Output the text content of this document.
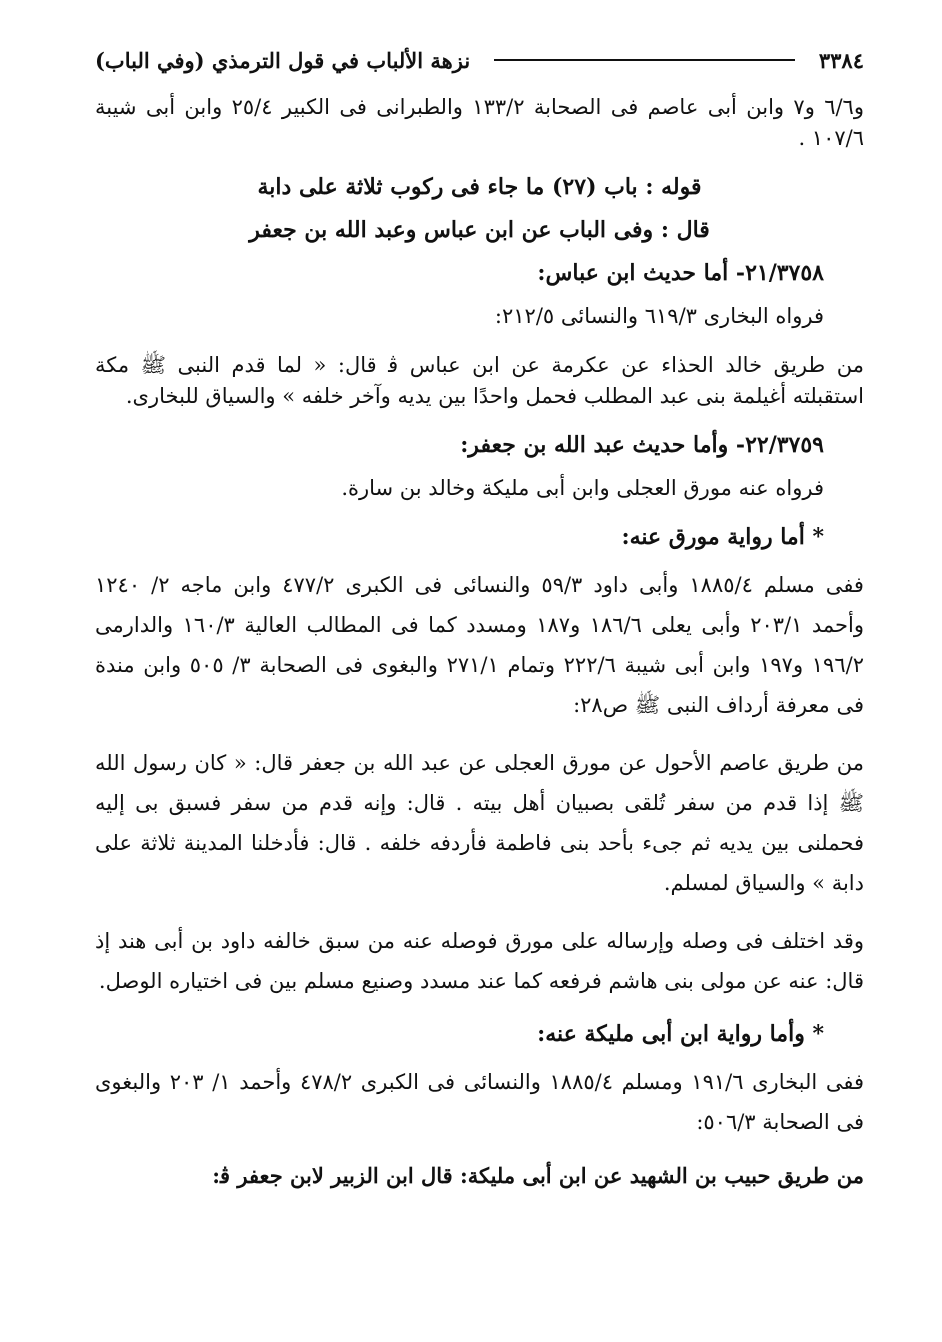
٣٣٨٤
نزهة الألباب في قول الترمذي (وفي الباب)

و٦/٦ و٧ وابن أبى عاصم فى الصحابة ١٣٣/٢ والطبرانى فى الكبير ٢٥/٤ وابن أبى شيبة ١٠٧/٦ .

قوله : باب (٢٧) ما جاء فى ركوب ثلاثة على دابة

قال : وفى الباب عن ابن عباس وعبد الله بن جعفر

٢١/٣٧٥٨- أما حديث ابن عباس:

فرواه البخارى ٦١٩/٣ والنسائى ٢١٢/٥:

من طريق خالد الحذاء عن عكرمة عن ابن عباس ﭬ قال: « لما قدم النبى ﷺ مكة استقبلته أغيلمة بنى عبد المطلب فحمل واحدًا بين يديه وآخر خلفه » والسياق للبخارى.

٢٢/٣٧٥٩- وأما حديث عبد الله بن جعفر:

فرواه عنه مورق العجلى وابن أبى مليكة وخالد بن سارة.

* أما رواية مورق عنه:

ففى مسلم ١٨٨٥/٤ وأبى داود ٥٩/٣ والنسائى فى الكبرى ٤٧٧/٢ وابن ماجه ٢/ ١٢٤٠ وأحمد ٢٠٣/١ وأبى يعلى ١٨٦/٦ و١٨٧ ومسدد كما فى المطالب العالية ١٦٠/٣ والدارمى ١٩٦/٢ و١٩٧ وابن أبى شيبة ٢٢٢/٦ وتمام ٢٧١/١ والبغوى فى الصحابة ٣/ ٥٠٥ وابن مندة فى معرفة أرداف النبى ﷺ ص٢٨:

من طريق عاصم الأحول عن مورق العجلى عن عبد الله بن جعفر قال: « كان رسول الله ﷺ إذا قدم من سفر تُلقى بصبيان أهل بيته . قال: وإنه قدم من سفر فسبق بى إليه فحملنى بين يديه ثم جىء بأحد بنى فاطمة فأردفه خلفه . قال: فأدخلنا المدينة ثلاثة على دابة » والسياق لمسلم.

وقد اختلف فى وصله وإرساله على مورق فوصله عنه من سبق خالفه داود بن أبى هند إذ قال: عنه عن مولى بنى هاشم فرفعه كما عند مسدد وصنيع مسلم بين فى اختياره الوصل.

* وأما رواية ابن أبى مليكة عنه:

ففى البخارى ١٩١/٦ ومسلم ١٨٨٥/٤ والنسائى فى الكبرى ٤٧٨/٢ وأحمد ١/ ٢٠٣ والبغوى فى الصحابة ٥٠٦/٣:

من طريق حبيب بن الشهيد عن ابن أبى مليكة: قال ابن الزبير لابن جعفر ﭬ:
